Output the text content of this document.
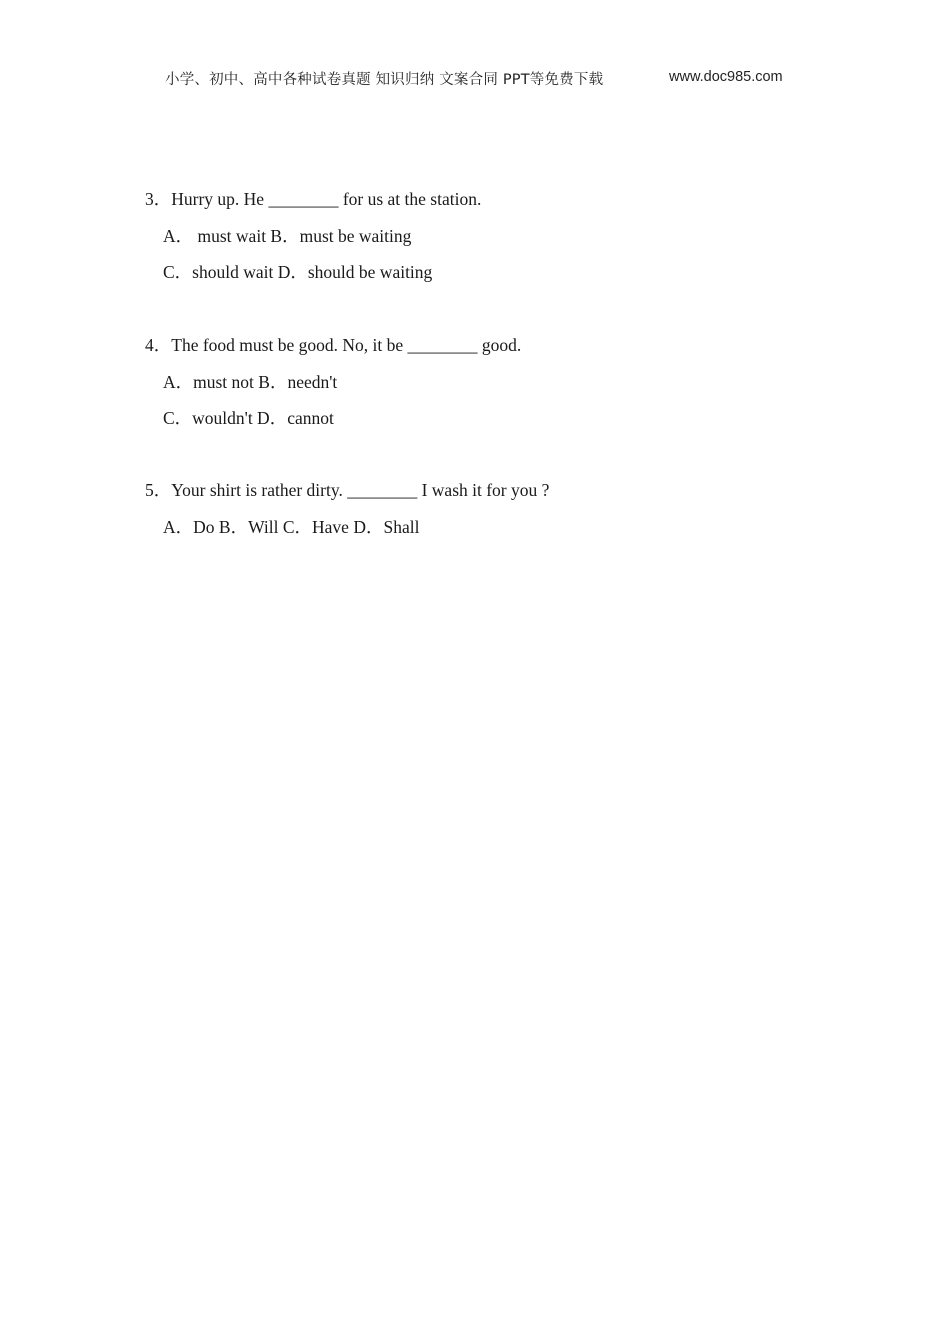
小学、初中、高中各种试卷真题 知识归纳 文案合同 PPT等免费下载	www.doc985.com
3．Hurry up. He ________ for us at the station.
A． must wait B．must be waiting
C．should wait D．should be waiting
4．The food must be good. No, it be ________ good.
A．must not B．needn't
C．wouldn't D．cannot
5．Your shirt is rather dirty. ________ I wash it for you ?
A．Do B．Will C．Have D．Shall
